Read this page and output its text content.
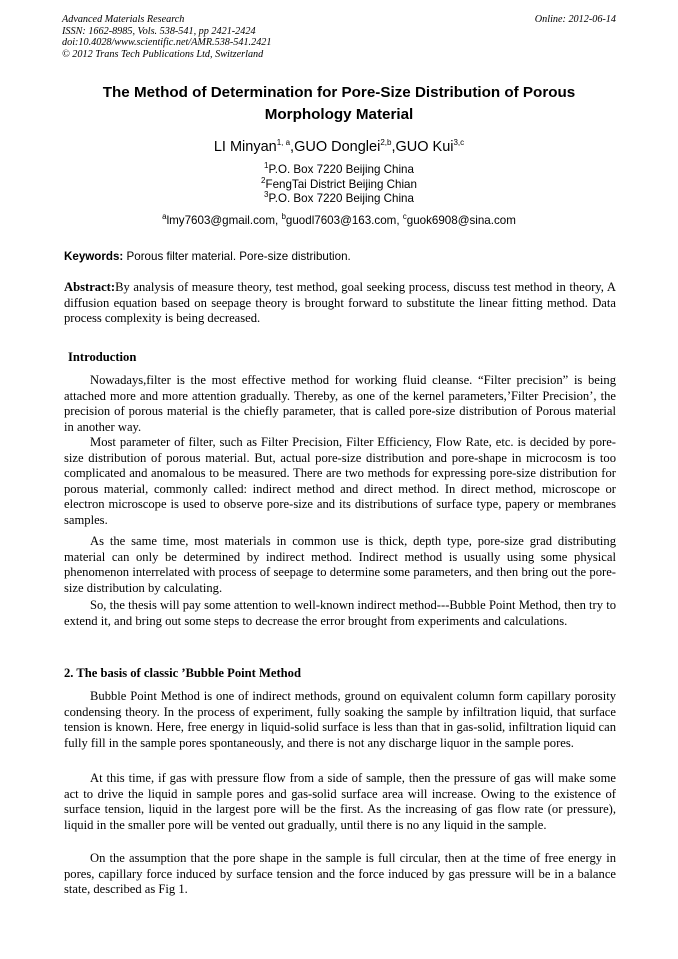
Advanced Materials Research
ISSN: 1662-8985, Vols. 538-541, pp 2421-2424
doi:10.4028/www.scientific.net/AMR.538-541.2421
© 2012 Trans Tech Publications Ltd, Switzerland
Online: 2012-06-14
The Method of Determination for Pore-Size Distribution of Porous
Morphology Material
LI Minyan$^{1, a}$,GUO Donglei$^{2,b}$,GUO Kui$^{3,c}$
$^1$P.O. Box 7220 Beijing China
$^2$FengTai District Beijing Chian
$^3$P.O. Box 7220 Beijing China
$^a$lmy7603@gmail.com, $^b$guodl7603@163.com, $^c$guok6908@sina.com
Keywords: Porous filter material. Pore-size distribution.
Abstract:By analysis of measure theory, test method, goal seeking process, discuss test method in theory, A diffusion equation based on seepage theory is brought forward to substitute the linear fitting method. Data process complexity is being decreased.
Introduction
Nowadays,filter is the most effective method for working fluid cleanse. “Filter precision” is being attached more and more attention gradually. Thereby, as one of the kernel parameters,’Filter Precision’, the precision of porous material is the chiefly parameter, that is called pore-size distribution of Porous material in another way.
Most parameter of filter, such as Filter Precision, Filter Efficiency, Flow Rate, etc. is decided by pore-size distribution of porous material. But, actual pore-size distribution and pore-shape in microcosm is too complicated and anomalous to be measured. There are two methods for expressing pore-size distribution for porous material, commonly called: indirect method and direct method. In direct method, microscope or electron microscope is used to observe pore-size and its distributions of surface type, papery or membranes samples.
As the same time, most materials in common use is thick, depth type, pore-size grad distributing material can only be determined by indirect method. Indirect method is usually using some physical phenomenon interrelated with process of seepage to determine some parameters, and then bring out the pore-size distribution by calculating.
So, the thesis will pay some attention to well-known indirect method---Bubble Point Method, then try to extend it, and bring out some steps to decrease the error brought from experiments and calculations.
2. The basis of classic ’Bubble Point Method
Bubble Point Method is one of indirect methods, ground on equivalent column form capillary porosity condensing theory. In the process of experiment, fully soaking the sample by infiltration liquid, that surface tension is known. Here, free energy in liquid-solid surface is less than that in gas-solid, infiltration liquid can fully fill in the sample pores spontaneously, and there is not any discharge liquor in the sample pores.
At this time, if gas with pressure flow from a side of sample, then the pressure of gas will make some act to drive the liquid in sample pores and gas-solid surface area will increase. Owing to the existence of surface tension, liquid in the largest pore will be the first. As the increasing of gas flow rate (or pressure), liquid in the smaller pore will be vented out gradually, until there is no any liquid in the sample.
On the assumption that the pore shape in the sample is full circular, then at the time of free energy in pores, capillary force induced by surface tension and the force induced by gas pressure will be in a balance state, described as Fig 1.
